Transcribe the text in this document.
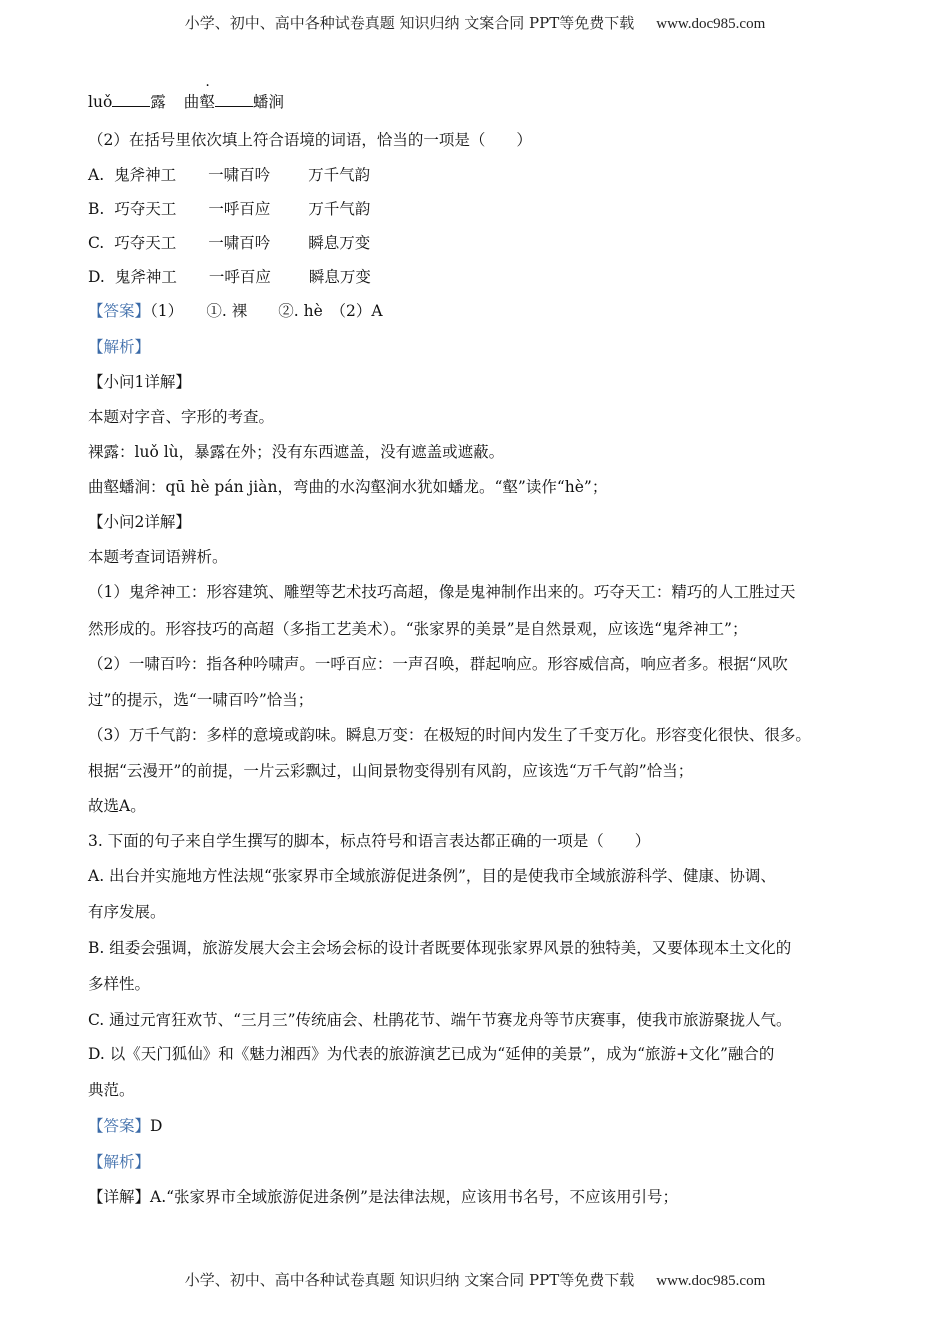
小学、初中、高中各种试卷真题 知识归纳 文案合同 PPT等免费下载 www.doc985.com
luǒ 露 曲壑 蟠涧
（2）在括号里依次填上符合语境的词语，恰当的一项是（　　）
A. 鬼斧神工 一啸百吟 万千气韵
B. 巧夺天工 一呼百应 万千气韵
C. 巧夺天工 一啸百吟 瞬息万变
D. 鬼斧神工 一呼百应 瞬息万变
【答案】（1）　　①. 裸　　②. hè　（2）A
【解析】
【小问1详解】
本题对字音、字形的考查。
裸露：luǒ lù，暴露在外；没有东西遮盖，没有遮盖或遮蔽。
曲壑蟠涧：qū hè pán jiàn，弯曲的水沟壑涧水犹如蟠龙。“壑”读作“hè”；
【小问2详解】
本题考查词语辨析。
（1）鬼斧神工：形容建筑、雕塑等艺术技巧高超，像是鬼神制作出来的。巧夺天工：精巧的人工胜过天
然形成的。形容技巧的高超（多指工艺美术）。“张家界的美景”是自然景观，应该选“鬼斧神工”；
（2）一啸百吟：指各种吟啸声。一呼百应：一声召唤，群起响应。形容威信高，响应者多。根据“风吹
过”的提示，选“一啸百吟”恰当；
（3）万千气韵：多样的意境或韵味。瞬息万变：在极短的时间内发生了千变万化。形容变化很快、很多。
根据“云漫开”的前提，一片云彩飘过，山间景物变得别有风韵，应该选“万千气韵”恰当；
故选A。
3. 下面的句子来自学生撰写的脚本，标点符号和语言表达都正确的一项是（　　）
A. 出台并实施地方性法规“张家界市全域旅游促进条例”，目的是使我市全域旅游科学、健康、协调、
有序发展。
B. 组委会强调，旅游发展大会主会场会标的设计者既要体现张家界风景的独特美，又要体现本土文化的
多样性。
C. 通过元宵狂欢节、“三月三”传统庙会、杜鹃花节、端午节赛龙舟等节庆赛事，使我市旅游聚拢人气。
D. 以《天门狐仙》和《魅力湘西》为代表的旅游演艺已成为“延伸的美景”，成为“旅游+文化”融合的
典范。
【答案】D
【解析】
【详解】A.“张家界市全域旅游促进条例”是法律法规，应该用书名号，不应该用引号；
小学、初中、高中各种试卷真题 知识归纳 文案合同 PPT等免费下载 www.doc985.com
